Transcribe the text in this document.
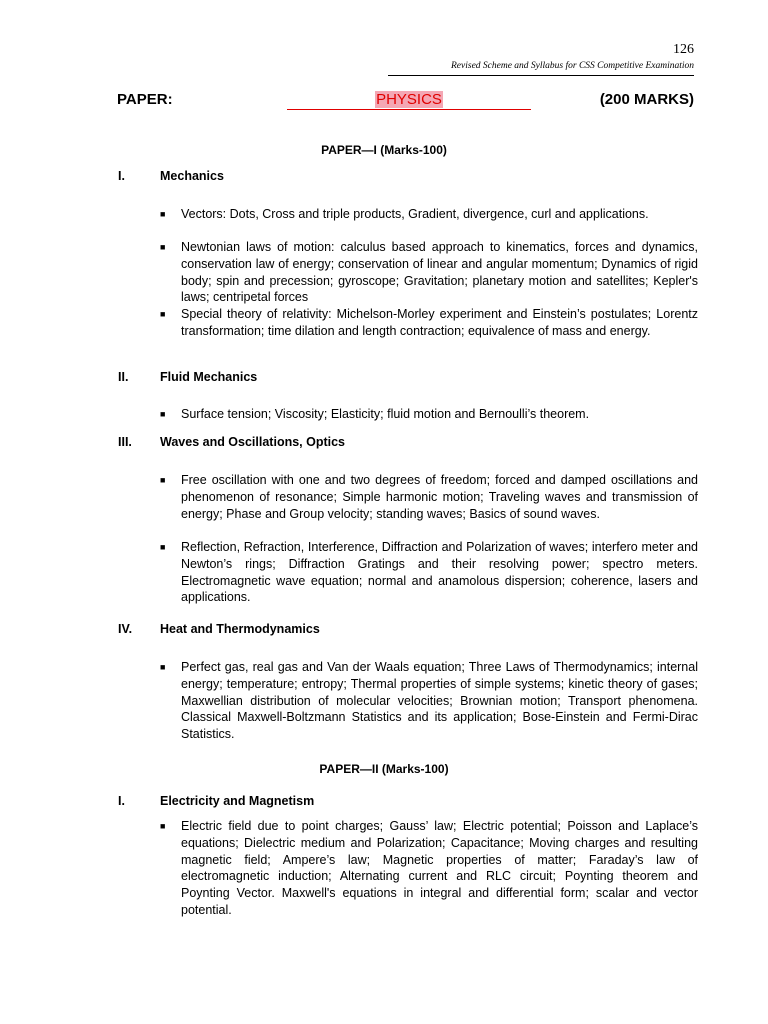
126
Revised Scheme and Syllabus for CSS Competitive Examination
PAPER:	PHYSICS	(200 MARKS)
PAPER—I (Marks-100)
I.	Mechanics
■ Vectors: Dots, Cross and triple products, Gradient, divergence, curl and applications.
■ Newtonian laws of motion: calculus based approach to kinematics, forces and dynamics, conservation law of energy; conservation of linear and angular momentum; Dynamics of rigid body; spin and precession; gyroscope; Gravitation; planetary motion and satellites; Kepler's laws; centripetal forces
■ Special theory of relativity: Michelson-Morley experiment and Einstein’s postulates; Lorentz transformation; time dilation and length contraction; equivalence of mass and energy.
II.	Fluid Mechanics
■ Surface tension; Viscosity; Elasticity; fluid motion and Bernoulli’s theorem.
III. Waves and Oscillations, Optics
■ Free oscillation with one and two degrees of freedom; forced and damped oscillations and phenomenon of resonance; Simple harmonic motion; Traveling waves and transmission of energy; Phase and Group velocity; standing waves; Basics of sound waves.
■ Reflection, Refraction, Interference, Diffraction and Polarization of waves; interfero meter and Newton’s rings; Diffraction Gratings and their resolving power; spectro meters. Electromagnetic wave equation; normal and anamolous dispersion; coherence, lasers and applications.
IV. Heat and Thermodynamics
■ Perfect gas, real gas and Van der Waals equation; Three Laws of Thermodynamics; internal energy; temperature; entropy; Thermal properties of simple systems; kinetic theory of gases; Maxwellian distribution of molecular velocities; Brownian motion; Transport phenomena. Classical Maxwell-Boltzmann Statistics and its application; Bose-Einstein and Fermi-Dirac Statistics.
PAPER—II (Marks-100)
I.	Electricity and Magnetism
■ Electric field due to point charges; Gauss’ law; Electric potential; Poisson and Laplace’s equations; Dielectric medium and Polarization; Capacitance; Moving charges and resulting magnetic field; Ampere’s law; Magnetic properties of matter; Faraday’s law of electromagnetic induction; Alternating current and RLC circuit; Poynting theorem and Poynting Vector. Maxwell's equations in integral and differential form; scalar and vector potential.
